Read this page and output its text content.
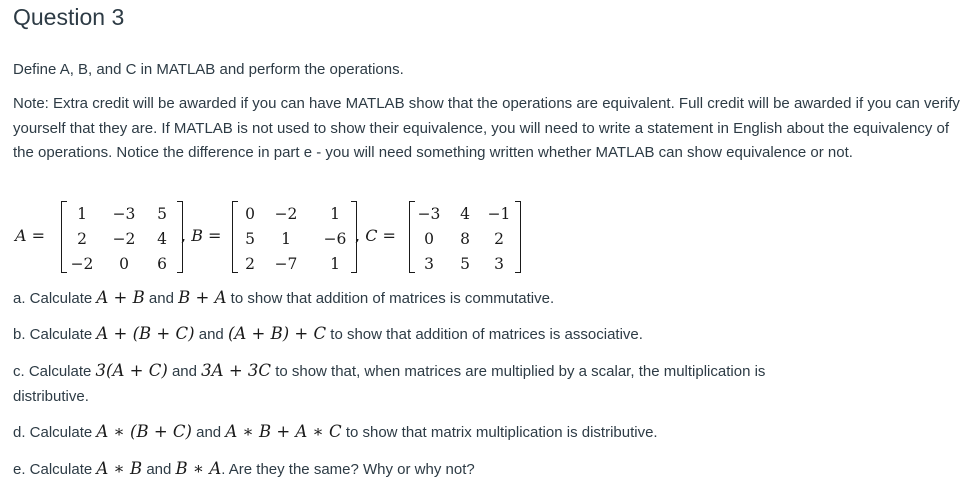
Question 3

Define A, B, and C in MATLAB and perform the operations.

Note: Extra credit will be awarded if you can have MATLAB show that the operations are equivalent. Full credit will be awarded if you can verify yourself that they are. If MATLAB is not used to show their equivalence, you will need to write a statement in English about the equivalency of the operations. Notice the difference in part e - you will need something written whether MATLAB can show equivalence or not.

A =
1	−3	5
2	−2	4
−2	0	6
, B =
0	−2	1
5	1	−6
2	−7	1
, C =
−3	4	−1
0	8	2
3	5	3

a. Calculate A + B and B + A to show that addition of matrices is commutative.

b. Calculate A + (B + C) and (A + B) + C to show that addition of matrices is associative.

c. Calculate 3(A + C) and 3A + 3C to show that, when matrices are multiplied by a scalar, the multiplication is distributive.

d. Calculate A ∗ (B + C) and A ∗ B + A ∗ C to show that matrix multiplication is distributive.

e. Calculate A ∗ B and B ∗ A. Are they the same? Why or why not?
